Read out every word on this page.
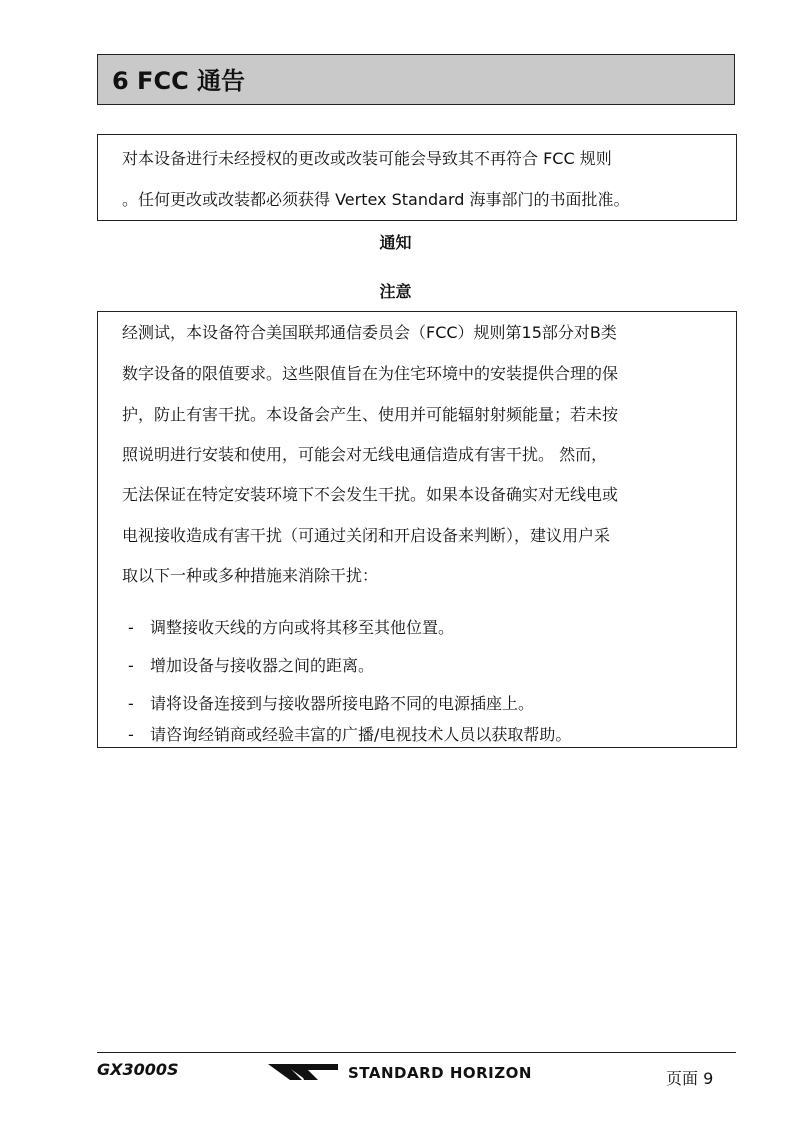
6 FCC 通告

对本设备进行未经授权的更改或改装可能会导致其不再符合 FCC 规则

。任何更改或改装都必须获得 Vertex Standard 海事部门的书面批准。

通知
注意

经测试，本设备符合美国联邦通信委员会（FCC）规则第15部分对B类

数字设备的限值要求。这些限值旨在为住宅环境中的安装提供合理的保

护，防止有害干扰。本设备会产生、使用并可能辐射射频能量；若未按

照说明进行安装和使用，可能会对无线电通信造成有害干扰。 然而，

无法保证在特定安装环境下不会发生干扰。如果本设备确实对无线电或

电视接收造成有害干扰（可通过关闭和开启设备来判断），建议用户采

取以下一种或多种措施来消除干扰：

- 调整接收天线的方向或将其移至其他位置。

- 增加设备与接收器之间的距离。

- 请将设备连接到与接收器所接电路不同的电源插座上。

- 请咨询经销商或经验丰富的广播/电视技术人员以获取帮助。

GX3000S	STANDARD HORIZON	页面 9
